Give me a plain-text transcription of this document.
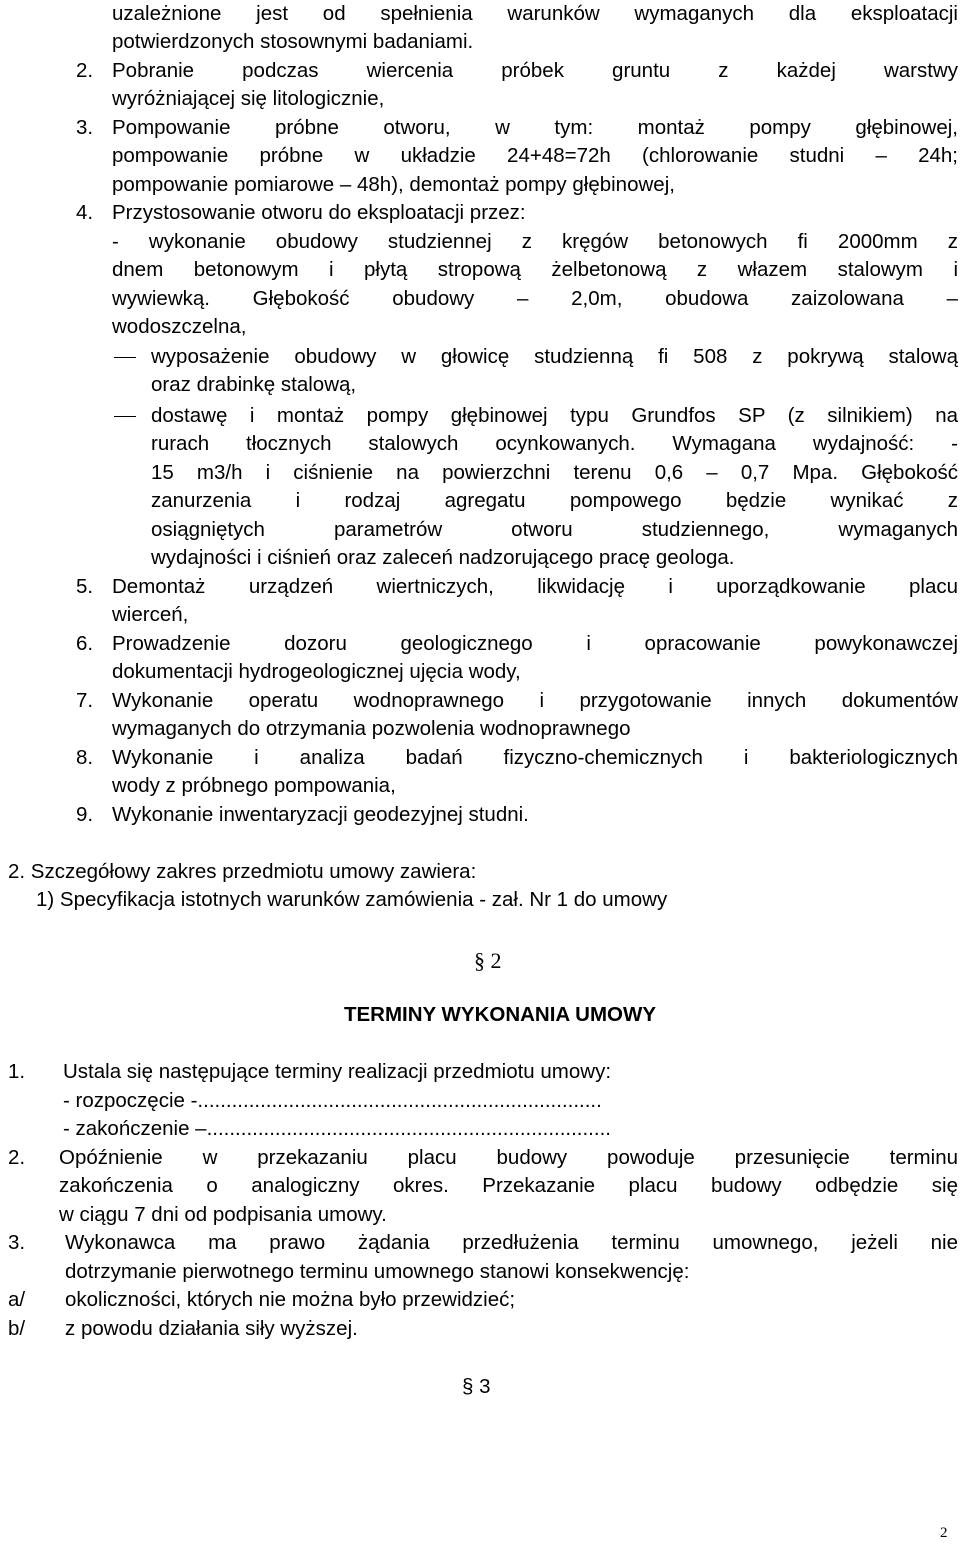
uzależnione jest od spełnienia warunków wymaganych dla eksploatacji
potwierdzonych stosownymi badaniami.
2. Pobranie podczas wiercenia próbek gruntu z każdej warstwy
wyróżniającej się litologicznie,
3. Pompowanie próbne otworu, w tym: montaż pompy głębinowej,
pompowanie próbne w układzie 24+48=72h (chlorowanie studni – 24h;
pompowanie pomiarowe – 48h), demontaż pompy głębinowej,
4. Przystosowanie otworu do eksploatacji przez:
- wykonanie obudowy studziennej z kręgów betonowych fi 2000mm z
dnem betonowym i płytą stropową żelbetonową z włazem stalowym i
wywiewką. Głębokość obudowy – 2,0m, obudowa zaizolowana –
wodoszczelna,
wyposażenie obudowy w głowicę studzienną fi 508 z pokrywą stalową
oraz drabinkę stalową,
dostawę i montaż pompy głębinowej typu Grundfos SP (z silnikiem) na
rurach tłocznych stalowych ocynkowanych. Wymagana wydajność: -
15 m3/h i ciśnienie na powierzchni terenu 0,6 – 0,7 Mpa. Głębokość
zanurzenia i rodzaj agregatu pompowego będzie wynikać z
osiągniętych parametrów otworu studziennego, wymaganych
wydajności i ciśnień oraz zaleceń nadzorującego pracę geologa.
5. Demontaż urządzeń wiertniczych, likwidację i uporządkowanie placu
wierceń,
6. Prowadzenie dozoru geologicznego i opracowanie powykonawczej
dokumentacji hydrogeologicznej ujęcia wody,
7. Wykonanie operatu wodnoprawnego i przygotowanie innych dokumentów
wymaganych do otrzymania pozwolenia wodnoprawnego
8. Wykonanie i analiza badań fizyczno-chemicznych i bakteriologicznych
wody z próbnego pompowania,
9. Wykonanie inwentaryzacji geodezyjnej studni.
2. Szczegółowy zakres przedmiotu umowy zawiera:
1) Specyfikacja istotnych warunków zamówienia - zał. Nr 1 do umowy
§ 2
TERMINY WYKONANIA UMOWY
1. Ustala się następujące terminy realizacji przedmiotu umowy:
- rozpoczęcie -.......................................................................
- zakończenie –.......................................................................
2. Opóźnienie w przekazaniu placu budowy powoduje przesunięcie terminu
zakończenia o analogiczny okres. Przekazanie placu budowy odbędzie się
w ciągu 7 dni od podpisania umowy.
3. Wykonawca ma prawo żądania przedłużenia terminu umownego, jeżeli nie
dotrzymanie pierwotnego terminu umownego stanowi konsekwencję:
a/ okoliczności, których nie można było przewidzieć;
b/ z powodu działania siły wyższej.
§ 3
2
